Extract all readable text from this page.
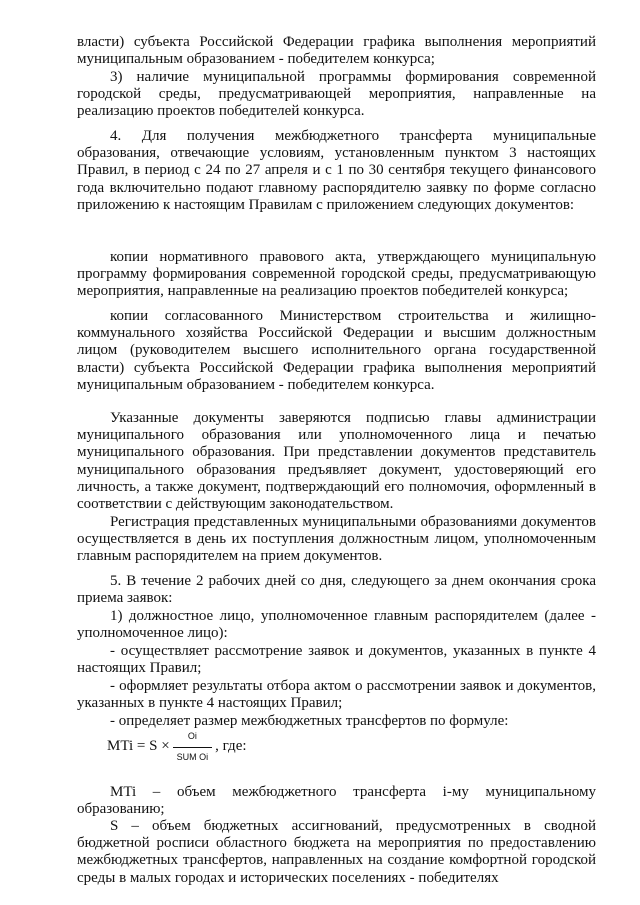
власти) субъекта Российской Федерации графика выполнения мероприятий муниципальным образованием - победителем конкурса;

3) наличие муниципальной программы формирования современной городской среды, предусматривающей мероприятия, направленные на реализацию проектов победителей конкурса.

4. Для получения межбюджетного трансферта муниципальные образования, отвечающие условиям, установленным пунктом 3 настоящих Правил, в период с 24 по 27 апреля и с 1 по 30 сентября текущего финансового года включительно подают главному распорядителю заявку по форме согласно приложению к настоящим Правилам с приложением следующих документов:

копии нормативного правового акта, утверждающего муниципальную программу формирования современной городской среды, предусматривающую мероприятия, направленные на реализацию проектов победителей конкурса;

копии согласованного Министерством строительства и жилищно-коммунального хозяйства Российской Федерации и высшим должностным лицом (руководителем высшего исполнительного органа государственной власти) субъекта Российской Федерации графика выполнения мероприятий муниципальным образованием - победителем конкурса.

Указанные документы заверяются подписью главы администрации муниципального образования или уполномоченного лица и печатью муниципального образования. При представлении документов представитель муниципального образования предъявляет документ, удостоверяющий его личность, а также документ, подтверждающий его полномочия, оформленный в соответствии с действующим законодательством.

Регистрация представленных муниципальными образованиями документов осуществляется в день их поступления должностным лицом, уполномоченным главным распорядителем на прием документов.

5. В течение 2 рабочих дней со дня, следующего за днем окончания срока приема заявок:

1) должностное лицо, уполномоченное главным распорядителем (далее - уполномоченное лицо):

- осуществляет рассмотрение заявок и документов, указанных в пункте 4 настоящих Правил;

- оформляет результаты отбора актом о рассмотрении заявок и документов, указанных в пункте 4 настоящих Правил;

- определяет размер межбюджетных трансфертов по формуле:

MTi = $S \times \frac{Oi}{\text{SUM Oi}}$ , где:

MTi – объем межбюджетного трансферта i-му муниципальному образованию;

S – объем бюджетных ассигнований, предусмотренных в сводной бюджетной росписи областного бюджета на мероприятия по предоставлению межбюджетных трансфертов, направленных на создание комфортной городской среды в малых городах и исторических поселениях - победителях
